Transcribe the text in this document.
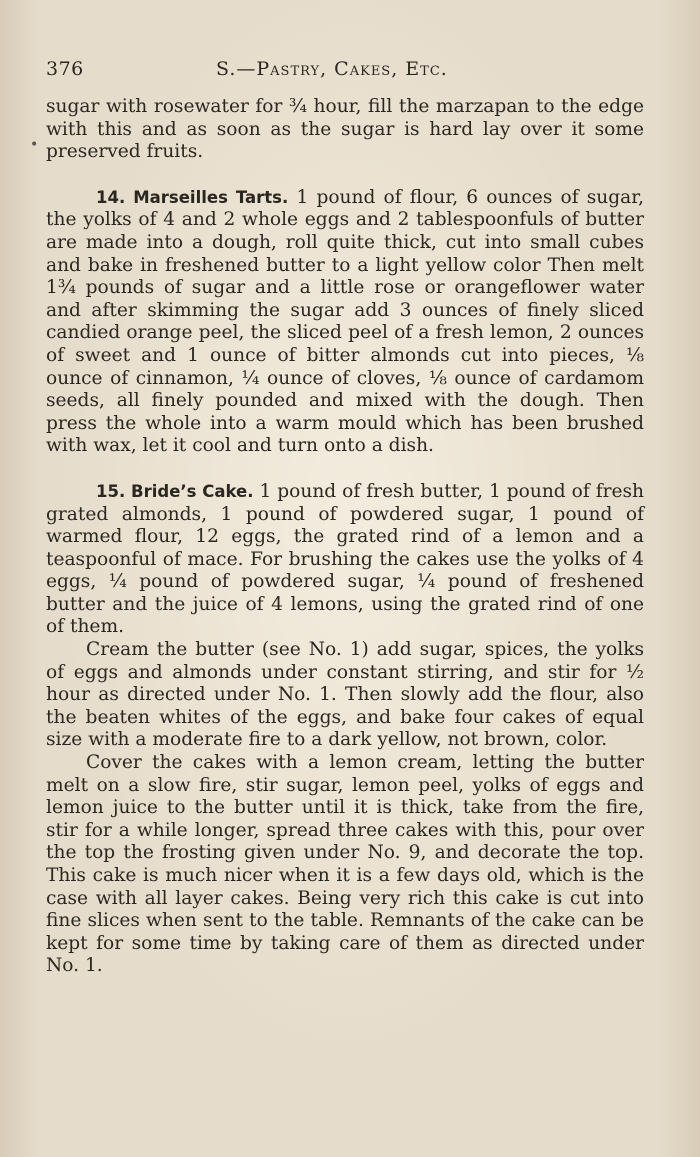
376	S.—Pastry, Cakes, Etc.
•

sugar with rosewater for ¾ hour, fill the marzapan to the edge with this and as soon as the sugar is hard lay over it some preserved fruits.

14. Marseilles Tarts. 1 pound of flour, 6 ounces of sugar, the yolks of 4 and 2 whole eggs and 2 tablespoonfuls of butter are made into a dough, roll quite thick, cut into small cubes and bake in freshened butter to a light yellow color Then melt 1¾ pounds of sugar and a little rose or orangeflower water and after skimming the sugar add 3 ounces of finely sliced candied orange peel, the sliced peel of a fresh lemon, 2 ounces of sweet and 1 ounce of bitter almonds cut into pieces, ⅛ ounce of cinnamon, ¼ ounce of cloves, ⅛ ounce of cardamom seeds, all finely pounded and mixed with the dough. Then press the whole into a warm mould which has been brushed with wax, let it cool and turn onto a dish.

15. Bride’s Cake. 1 pound of fresh butter, 1 pound of fresh grated almonds, 1 pound of powdered sugar, 1 pound of warmed flour, 12 eggs, the grated rind of a lemon and a teaspoonful of mace. For brushing the cakes use the yolks of 4 eggs, ¼ pound of powdered sugar, ¼ pound of freshened butter and the juice of 4 lemons, using the grated rind of one of them.

Cream the butter (see No. 1) add sugar, spices, the yolks of eggs and almonds under constant stirring, and stir for ½ hour as directed under No. 1. Then slowly add the flour, also the beaten whites of the eggs, and bake four cakes of equal size with a moderate fire to a dark yellow, not brown, color.

Cover the cakes with a lemon cream, letting the butter melt on a slow fire, stir sugar, lemon peel, yolks of eggs and lemon juice to the butter until it is thick, take from the fire, stir for a while longer, spread three cakes with this, pour over the top the frosting given under No. 9, and decorate the top. This cake is much nicer when it is a few days old, which is the case with all layer cakes. Being very rich this cake is cut into fine slices when sent to the table. Remnants of the cake can be kept for some time by taking care of them as directed under No. 1.
